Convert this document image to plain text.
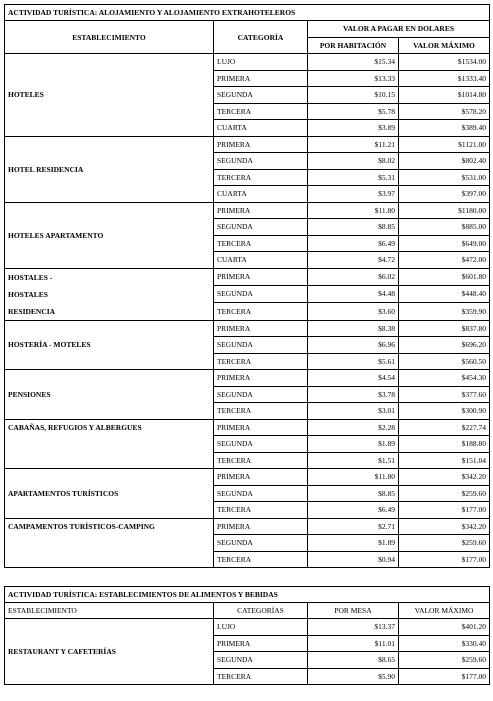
ACTIVIDAD TURÍSTICA: ALOJAMIENTO Y ALOJAMIENTO EXTRAHOTELEROS			
ESTABLECIMIENTO	CATEGORÍA	VALOR A PAGAR EN DOLARES	
		POR HABITACIÓN	VALOR MÁXIMO
HOTELES	LUJO	$15.34	$1534.00
	PRIMERA	$13.33	$1333.40
	SEGUNDA	$10.15	$1014.80
	TERCERA	$5.78	$578.20
	CUARTA	$3.89	$389.40
HOTEL RESIDENCIA	PRIMERA	$11.21	$1121.00
	SEGUNDA	$8.02	$802.40
	TERCERA	$5.31	$531.00
	CUARTA	$3.97	$397.00
HOTELES APARTAMENTO	PRIMERA	$11.80	$1180.00
	SEGUNDA	$8.85	$885.00
	TERCERA	$6.49	$649.00
	CUARTA	$4.72	$472.00

HOSTALES -
HOSTALES
RESIDENCIA	PRIMERA	$6.02	$601.80
	SEGUNDA	$4.48	$448.40
	TERCERA	$3.60	$359.90
HOSTERÍA - MOTELES	PRIMERA	$8.38	$837.80
	SEGUNDA	$6.96	$696.20
	TERCERA	$5.61	$560.50
PENSIONES	PRIMERA	$4.54	$454.30
	SEGUNDA	$3.78	$377.60
	TERCERA	$3.01	$300.90
CABAÑAS, REFUGIOS Y ALBERGUES	PRIMERA	$2.28	$227.74
	SEGUNDA	$1.89	$188.80
	TERCERA	$1.51	$151.04
APARTAMENTOS TURÍSTICOS	PRIMERA	$11.80	$342.20
	SEGUNDA	$8.85	$259.60
	TERCERA	$6.49	$177.00
CAMPAMENTOS TURÍSTICOS-CAMPING	PRIMERA	$2.71	$342.20
	SEGUNDA	$1.89	$259.60
	TERCERA	$0.94	$177.00
ACTIVIDAD TURÍSTICA: ESTABLECIMIENTOS DE ALIMENTOS Y BEBIDAS			
ESTABLECIMIENTO	CATEGORÍAS	POR MESA	VALOR MÁXIMO
RESTAURANT Y CAFETERÍAS	LUJO	$13.37	$401.20
	PRIMERA	$11.01	$330.40
	SEGUNDA	$8.65	$259.60
	TERCERA	$5.90	$177.00
